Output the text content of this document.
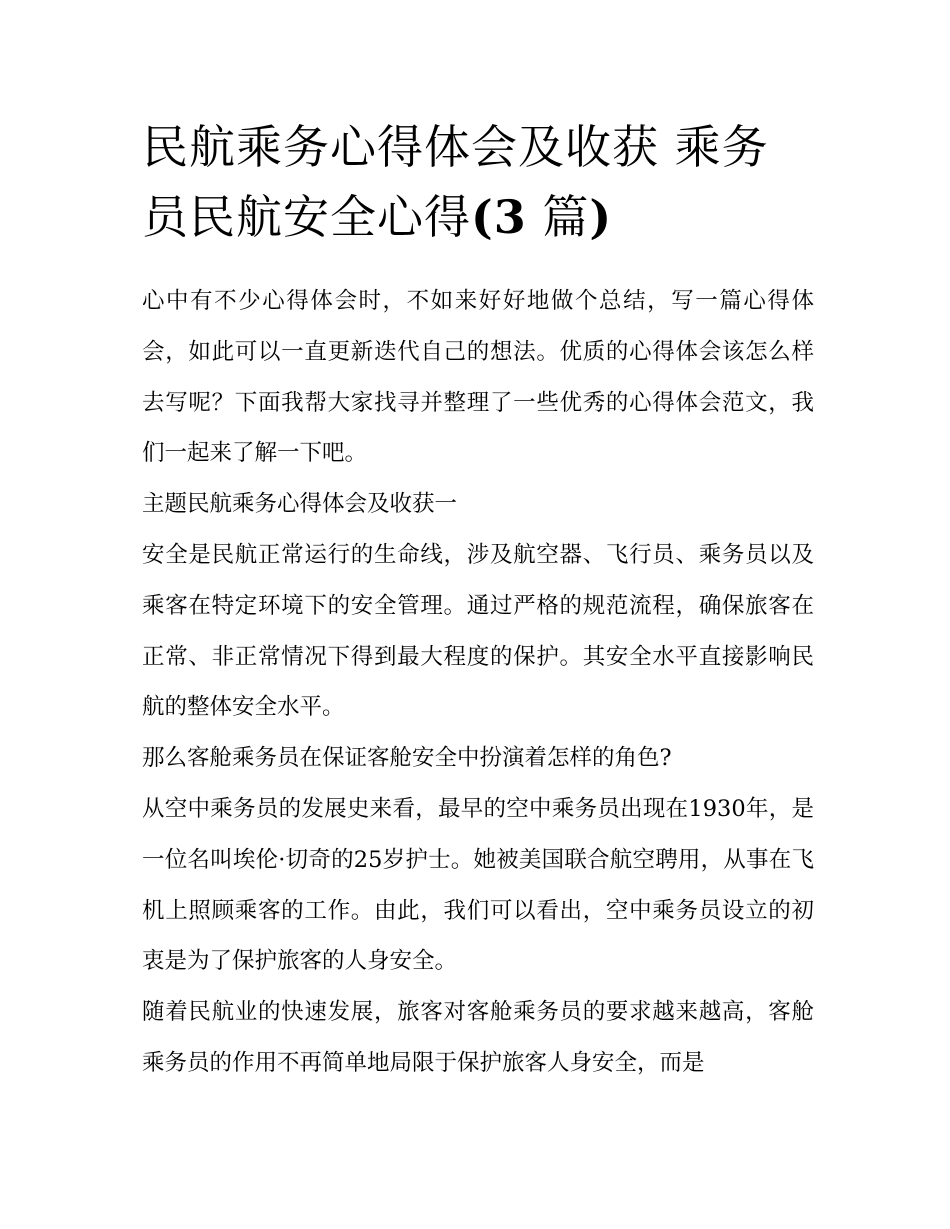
民航乘务心得体会及收获 乘务
员民航安全心得(3 篇)

心中有不少心得体会时，不如来好好地做个总结，写一篇心得体会，如此可以一直更新迭代自己的想法。优质的心得体会该怎么样去写呢？下面我帮大家找寻并整理了一些优秀的心得体会范文，我们一起来了解一下吧。

主题民航乘务心得体会及收获一

安全是民航正常运行的生命线，涉及航空器、飞行员、乘务员以及乘客在特定环境下的安全管理。通过严格的规范流程，确保旅客在正常、非正常情况下得到最大程度的保护。其安全水平直接影响民航的整体安全水平。

那么客舱乘务员在保证客舱安全中扮演着怎样的角色?

从空中乘务员的发展史来看，最早的空中乘务员出现在1930年，是一位名叫埃伦·切奇的25岁护士。她被美国联合航空聘用，从事在飞机上照顾乘客的工作。由此，我们可以看出，空中乘务员设立的初衷是为了保护旅客的人身安全。

随着民航业的快速发展，旅客对客舱乘务员的要求越来越高，客舱乘务员的作用不再简单地局限于保护旅客人身安全，而是
